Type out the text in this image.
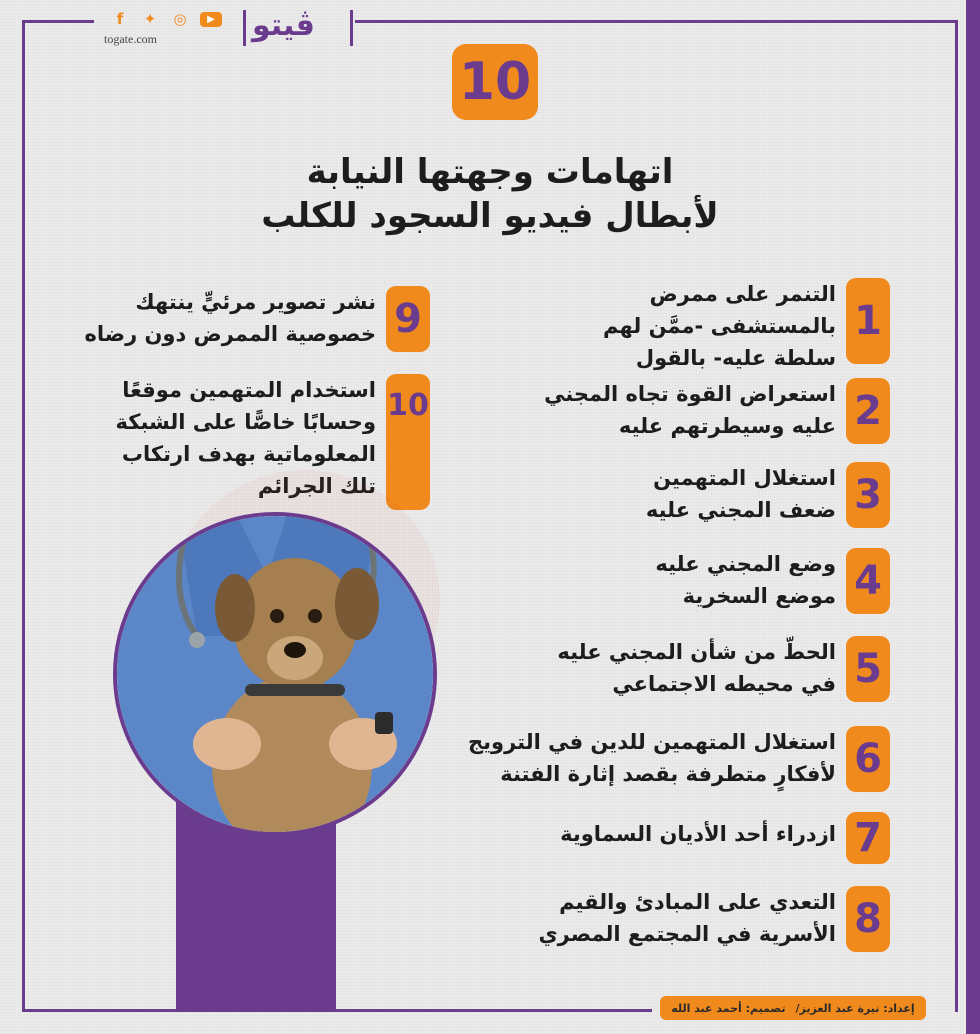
f	✦ ◎	▶
togate.com	ڤيتو
10
اتهامات وجهتها النيابة
لأبطال فيديو السجود للكلب
1
التنمر على ممرض
بالمستشفى -ممَّن لهم
سلطة عليه- بالقول
2
استعراض القوة تجاه المجني
عليه وسيطرتهم عليه
3
استغلال المتهمين
ضعف المجني عليه
4
وضع المجني عليه
موضع السخرية
5
الحطّ من شأن المجني عليه
في محيطه الاجتماعي
6
استغلال المتهمين للدين في الترويج
لأفكارٍ متطرفة بقصد إثارة الفتنة
7
ازدراء أحد الأديان السماوية
8
التعدي على المبادئ والقيم
الأسرية في المجتمع المصري
9
نشر تصوير مرئيٍّ ينتهك
خصوصية الممرض دون رضاه
10
استخدام المتهمين موقعًا
وحسابًا خاصًّا على الشبكة
المعلوماتية بهدف ارتكاب
تلك الجرائم
إعداد: نيرة عبد العزيز/
تصميم: أحمد عبد الله
